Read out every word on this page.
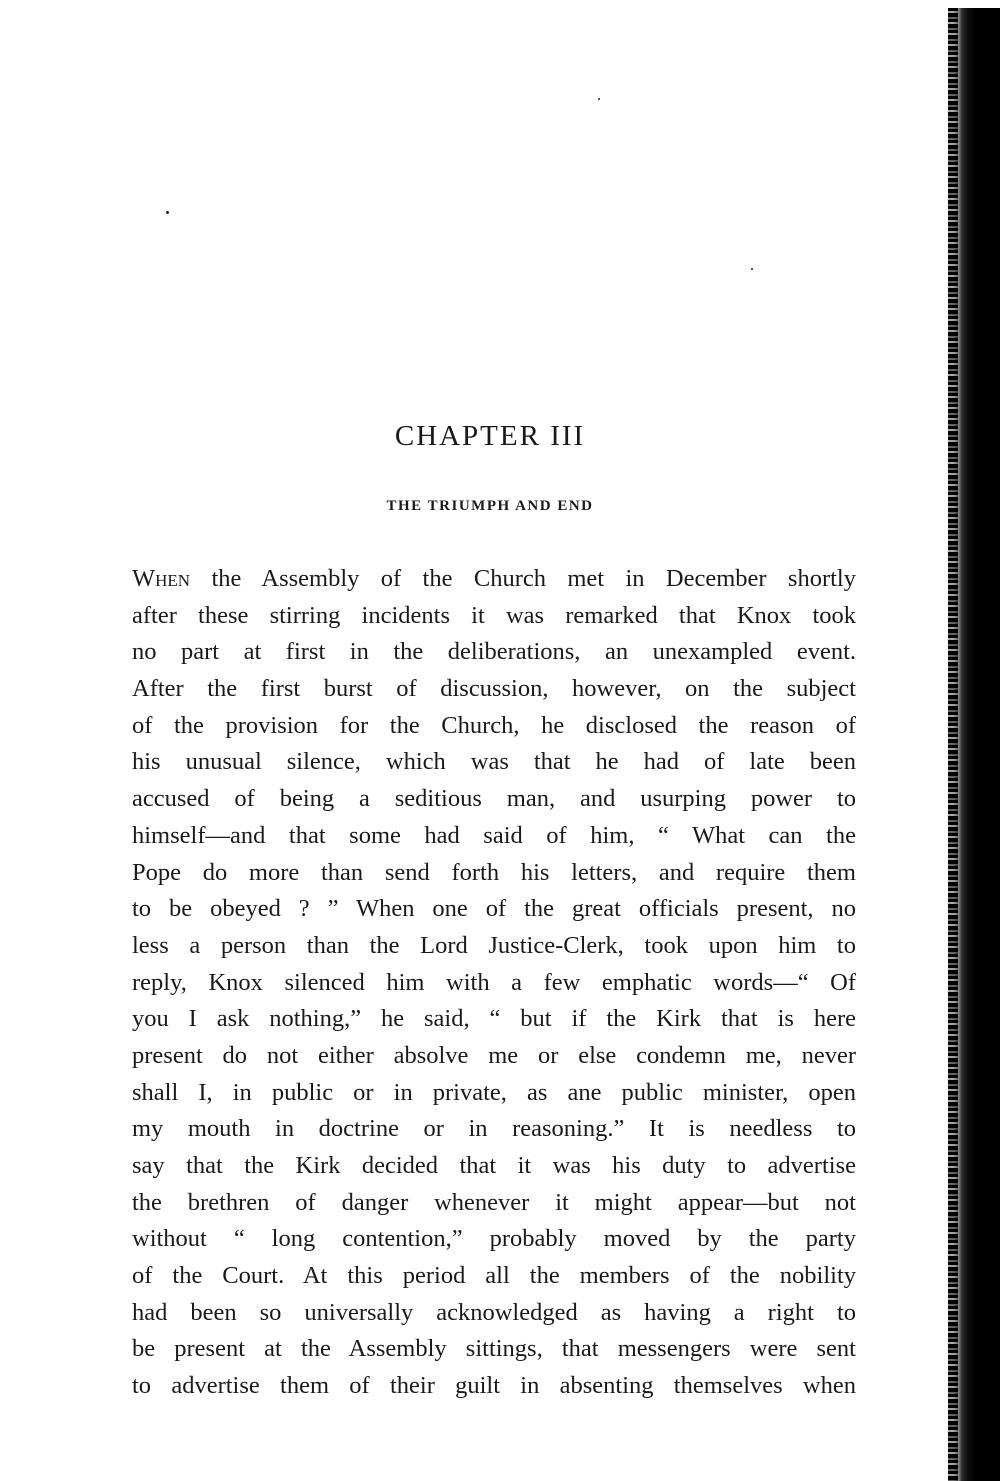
CHAPTER III
THE TRIUMPH AND END
When the Assembly of the Church met in December shortly
after these stirring incidents it was remarked that Knox took
no part at first in the deliberations, an unexampled event.
After the first burst of discussion, however, on the subject
of the provision for the Church, he disclosed the reason of
his unusual silence, which was that he had of late been
accused of being a seditious man, and usurping power to
himself—and that some had said of him, “ What can the
Pope do more than send forth his letters, and require them
to be obeyed ? ” When one of the great officials present, no
less a person than the Lord Justice-Clerk, took upon him to
reply, Knox silenced him with a few emphatic words—“ Of
you I ask nothing,” he said, “ but if the Kirk that is here
present do not either absolve me or else condemn me, never
shall I, in public or in private, as ane public minister, open
my mouth in doctrine or in reasoning.” It is needless to
say that the Kirk decided that it was his duty to advertise
the brethren of danger whenever it might appear—but not
without “ long contention,” probably moved by the party
of the Court. At this period all the members of the nobility
had been so universally acknowledged as having a right to
be present at the Assembly sittings, that messengers were sent
to advertise them of their guilt in absenting themselves when
